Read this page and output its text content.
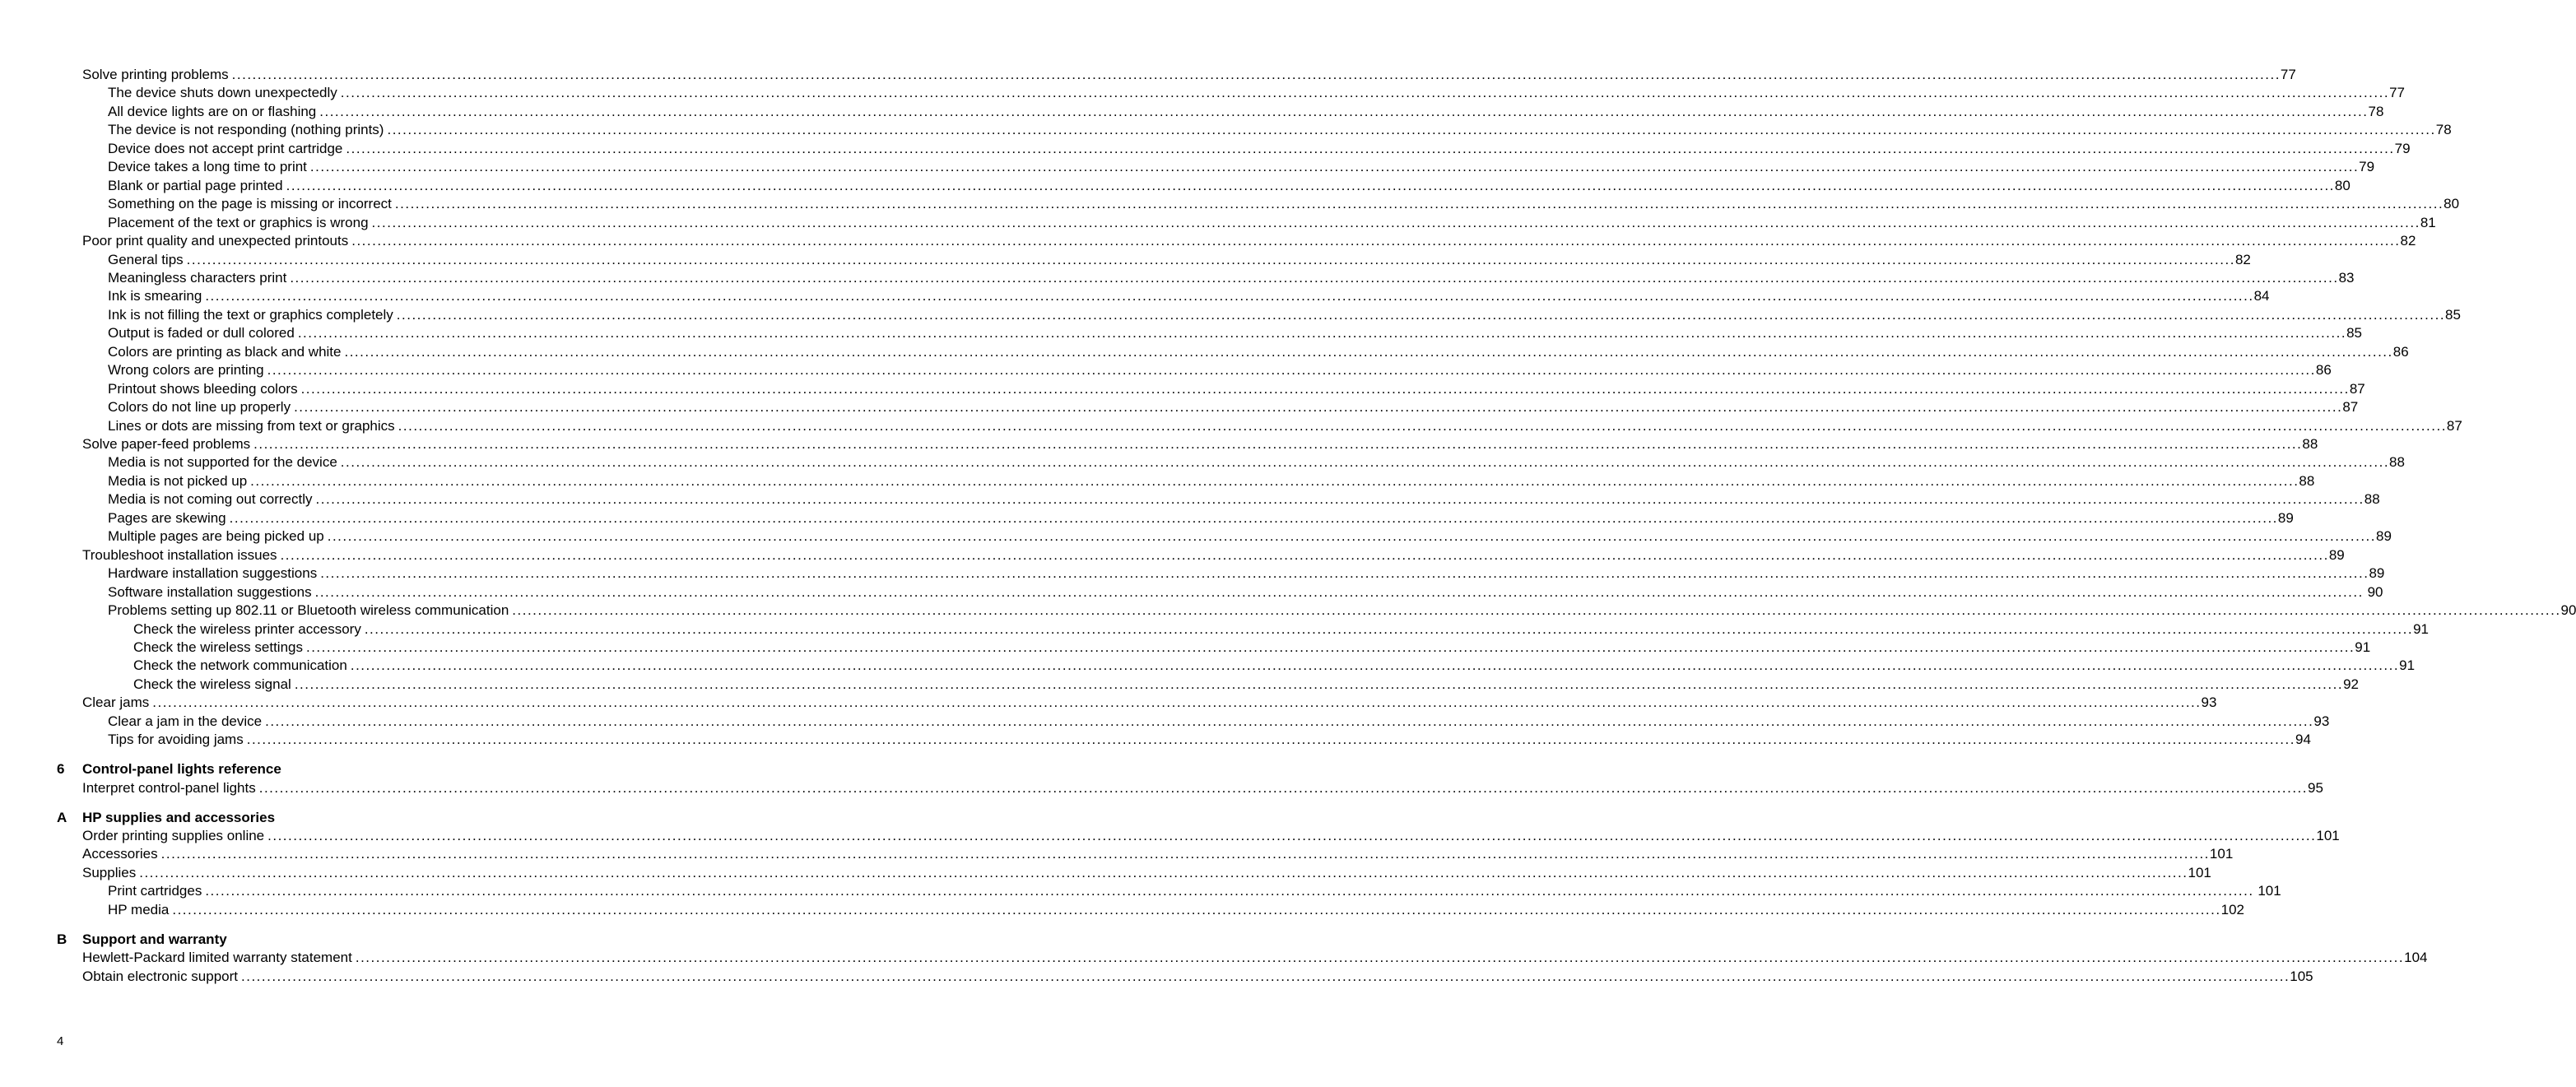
Solve printing problems ................................................................................................................................................................................................................................................................................................................................................................................................................ 77
The device shuts down unexpectedly ................................................................................................................................................................................................................................................................................................................................................................................................................ 77
All device lights are on or flashing ................................................................................................................................................................................................................................................................................................................................................................................................................ 78
The device is not responding (nothing prints) ................................................................................................................................................................................................................................................................................................................................................................................................................ 78
Device does not accept print cartridge ................................................................................................................................................................................................................................................................................................................................................................................................................ 79
Device takes a long time to print ................................................................................................................................................................................................................................................................................................................................................................................................................ 79
Blank or partial page printed ................................................................................................................................................................................................................................................................................................................................................................................................................ 80
Something on the page is missing or incorrect ................................................................................................................................................................................................................................................................................................................................................................................................................ 80
Placement of the text or graphics is wrong ................................................................................................................................................................................................................................................................................................................................................................................................................ 81
Poor print quality and unexpected printouts ................................................................................................................................................................................................................................................................................................................................................................................................................ 82
General tips ................................................................................................................................................................................................................................................................................................................................................................................................................ 82
Meaningless characters print ................................................................................................................................................................................................................................................................................................................................................................................................................ 83
Ink is smearing ................................................................................................................................................................................................................................................................................................................................................................................................................ 84
Ink is not filling the text or graphics completely ................................................................................................................................................................................................................................................................................................................................................................................................................ 85
Output is faded or dull colored ................................................................................................................................................................................................................................................................................................................................................................................................................ 85
Colors are printing as black and white ................................................................................................................................................................................................................................................................................................................................................................................................................ 86
Wrong colors are printing ................................................................................................................................................................................................................................................................................................................................................................................................................ 86
Printout shows bleeding colors ................................................................................................................................................................................................................................................................................................................................................................................................................ 87
Colors do not line up properly ................................................................................................................................................................................................................................................................................................................................................................................................................ 87
Lines or dots are missing from text or graphics ................................................................................................................................................................................................................................................................................................................................................................................................................ 87
Solve paper-feed problems ................................................................................................................................................................................................................................................................................................................................................................................................................ 88
Media is not supported for the device ................................................................................................................................................................................................................................................................................................................................................................................................................ 88
Media is not picked up ................................................................................................................................................................................................................................................................................................................................................................................................................ 88
Media is not coming out correctly ................................................................................................................................................................................................................................................................................................................................................................................................................ 88
Pages are skewing ................................................................................................................................................................................................................................................................................................................................................................................................................ 89
Multiple pages are being picked up ................................................................................................................................................................................................................................................................................................................................................................................................................ 89
Troubleshoot installation issues ................................................................................................................................................................................................................................................................................................................................................................................................................ 89
Hardware installation suggestions ................................................................................................................................................................................................................................................................................................................................................................................................................ 89
Software installation suggestions ................................................................................................................................................................................................................................................................................................................................................................................................................ 90
Problems setting up 802.11 or Bluetooth wireless communication ................................................................................................................................................................................................................................................................................................................................................................................................................ 90
Check the wireless printer accessory ................................................................................................................................................................................................................................................................................................................................................................................................................ 91
Check the wireless settings ................................................................................................................................................................................................................................................................................................................................................................................................................ 91
Check the network communication ................................................................................................................................................................................................................................................................................................................................................................................................................ 91
Check the wireless signal ................................................................................................................................................................................................................................................................................................................................................................................................................ 92
Clear jams ................................................................................................................................................................................................................................................................................................................................................................................................................ 93
Clear a jam in the device ................................................................................................................................................................................................................................................................................................................................................................................................................ 93
Tips for avoiding jams ................................................................................................................................................................................................................................................................................................................................................................................................................ 94
6 Control-panel lights reference
Interpret control-panel lights ................................................................................................................................................................................................................................................................................................................................................................................................................ 95
A HP supplies and accessories
Order printing supplies online ................................................................................................................................................................................................................................................................................................................................................................................................................ 101
Accessories ................................................................................................................................................................................................................................................................................................................................................................................................................ 101
Supplies ................................................................................................................................................................................................................................................................................................................................................................................................................ 101
Print cartridges ................................................................................................................................................................................................................................................................................................................................................................................................................ 101
HP media ................................................................................................................................................................................................................................................................................................................................................................................................................ 102
B Support and warranty
Hewlett-Packard limited warranty statement ................................................................................................................................................................................................................................................................................................................................................................................................................ 104
Obtain electronic support ................................................................................................................................................................................................................................................................................................................................................................................................................ 105
4
